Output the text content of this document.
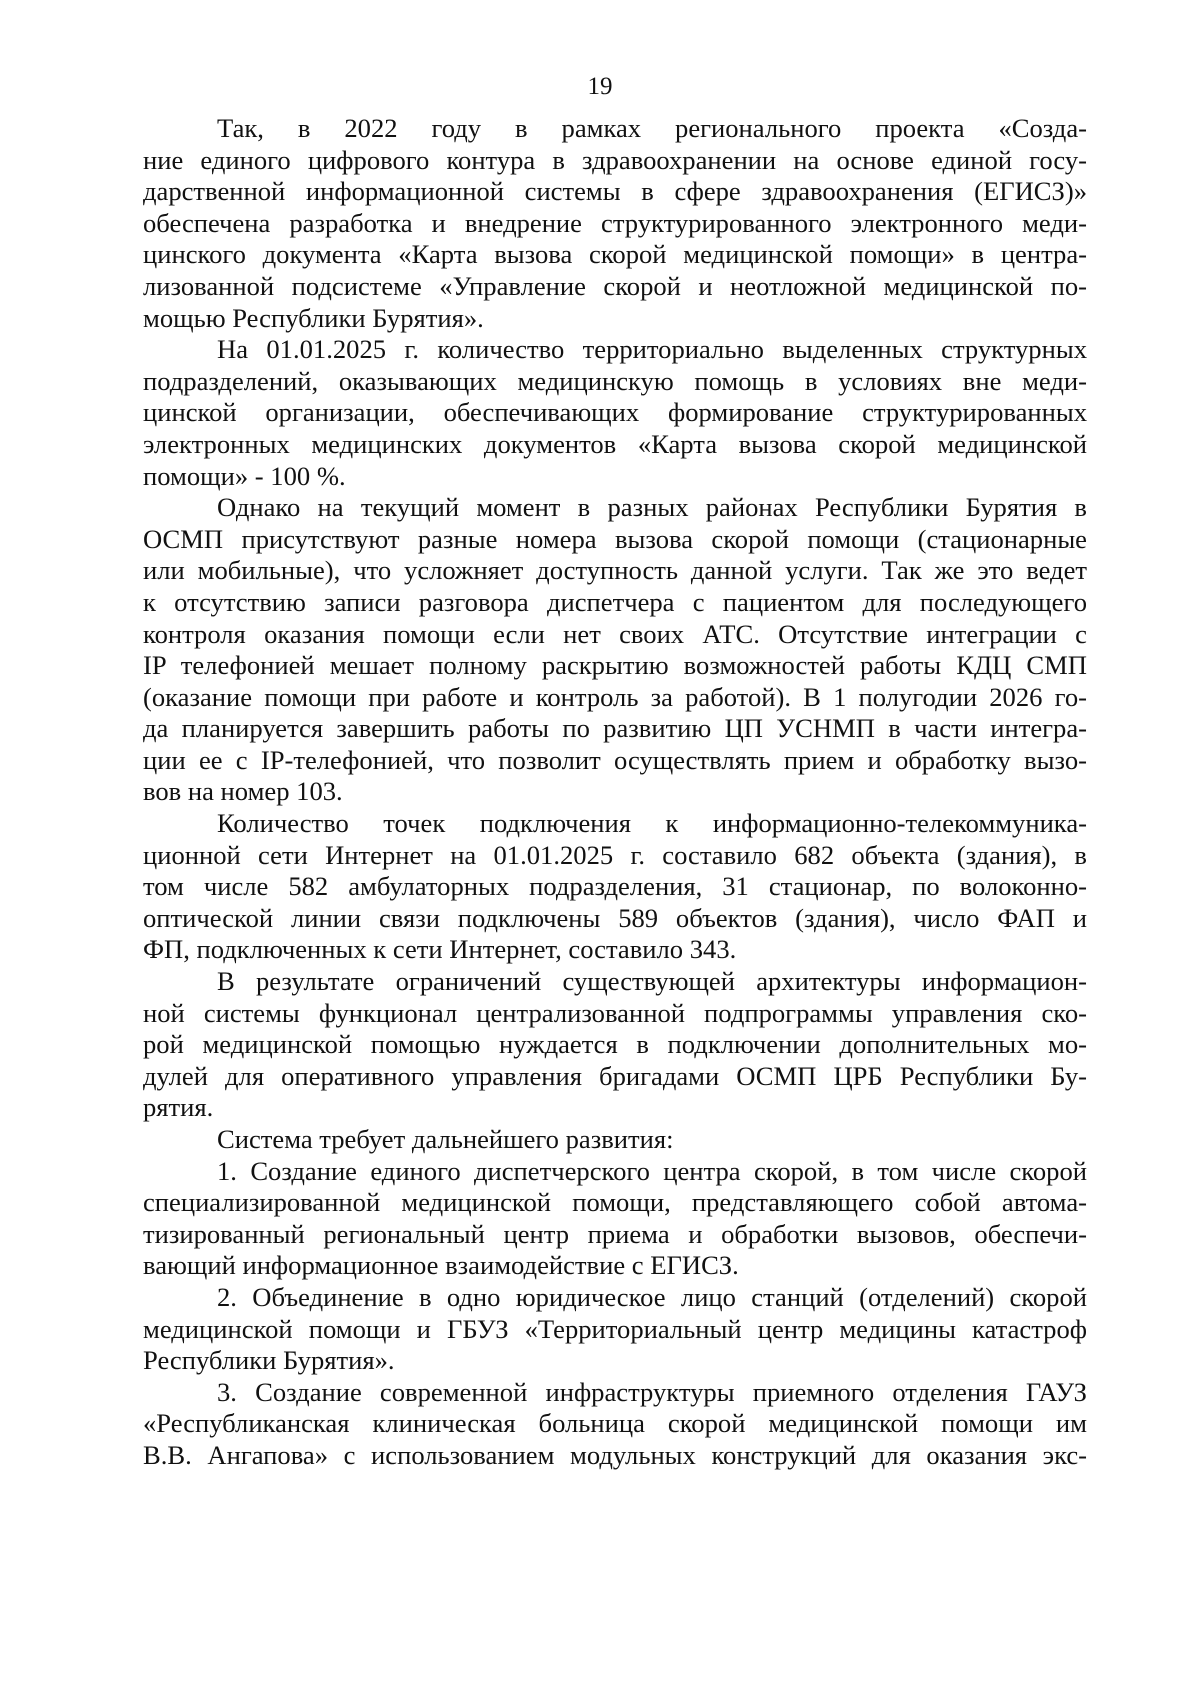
19

Так, в 2022 году в рамках регионального проекта «Созда-
ние единого цифрового контура в здравоохранении на основе единой госу-
дарственной информационной системы в сфере здравоохранения (ЕГИСЗ)»
обеспечена разработка и внедрение структурированного электронного меди-
цинского документа «Карта вызова скорой медицинской помощи» в центра-
лизованной подсистеме «Управление скорой и неотложной медицинской по-
мощью Республики Бурятия».

На 01.01.2025 г. количество территориально выделенных структурных
подразделений, оказывающих медицинскую помощь в условиях вне меди-
цинской организации, обеспечивающих формирование структурированных
электронных медицинских документов «Карта вызова скорой медицинской
помощи» - 100 %.

Однако на текущий момент в разных районах Республики Бурятия в
ОСМП присутствуют разные номера вызова скорой помощи (стационарные
или мобильные), что усложняет доступность данной услуги. Так же это ведет
к отсутствию записи разговора диспетчера с пациентом для последующего
контроля оказания помощи если нет своих АТС. Отсутствие интеграции с
IP телефонией мешает полному раскрытию возможностей работы КДЦ СМП
(оказание помощи при работе и контроль за работой). В 1 полугодии 2026 го-
да планируется завершить работы по развитию ЦП УСНМП в части интегра-
ции ее с IP-телефонией, что позволит осуществлять прием и обработку вызо-
вов на номер 103.

Количество точек подключения к информационно-телекоммуника-
ционной сети Интернет на 01.01.2025 г. составило 682 объекта (здания), в
том числе 582 амбулаторных подразделения, 31 стационар, по волоконно-
оптической линии связи подключены 589 объектов (здания), число ФАП и
ФП, подключенных к сети Интернет, составило 343.

В результате ограничений существующей архитектуры информацион-
ной системы функционал централизованной подпрограммы управления ско-
рой медицинской помощью нуждается в подключении дополнительных мо-
дулей для оперативного управления бригадами ОСМП ЦРБ Республики Бу-
рятия.

Система требует дальнейшего развития:

1. Создание единого диспетчерского центра скорой, в том числе скорой
специализированной медицинской помощи, представляющего собой автома-
тизированный региональный центр приема и обработки вызовов, обеспечи-
вающий информационное взаимодействие с ЕГИСЗ.

2. Объединение в одно юридическое лицо станций (отделений) скорой
медицинской помощи и ГБУЗ «Территориальный центр медицины катастроф
Республики Бурятия».

3. Создание современной инфраструктуры приемного отделения ГАУЗ
«Республиканская клиническая больница скорой медицинской помощи им
В.В. Ангапова» с использованием модульных конструкций для оказания экс-
